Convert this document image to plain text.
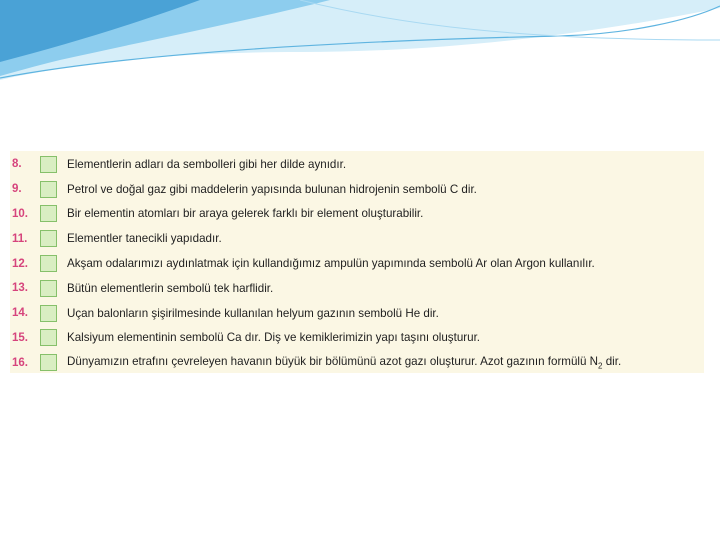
8.	Elementlerin adları da sembolleri gibi her dilde aynıdır.
9.	Petrol ve doğal gaz gibi maddelerin yapısında bulunan hidrojenin sembolü C dir.
10.	Bir elementin atomları bir araya gelerek farklı bir element oluşturabilir.
11.	Elementler tanecikli yapıdadır.
12.	Akşam odalarımızı aydınlatmak için kullandığımız ampulün yapımında sembolü Ar olan Argon kullanılır.
13.	Bütün elementlerin sembolü tek harflidir.
14.	Uçan balonların şişirilmesinde kullanılan helyum gazının sembolü He dir.
15.	Kalsiyum elementinin sembolü Ca dır. Diş ve kemiklerimizin yapı taşını oluşturur.
16.	Dünyamızın etrafını çevreleyen havanın büyük bir bölümünü azot gazı oluşturur. Azot gazının formülü $N_2$ dir.
